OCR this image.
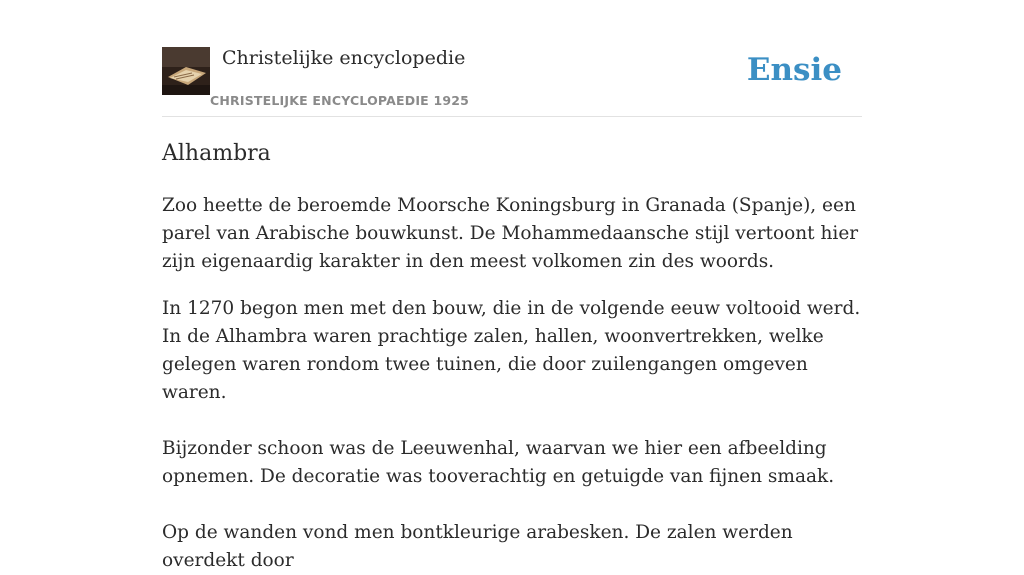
Christelijke encyclopedie
CHRISTELIJKE ENCYCLOPAEDIE 1925
Ensie
Alhambra

Zoo heette de beroemde Moorsche Koningsburg in Granada (Spanje), een parel van Arabische bouwkunst. De Mohammedaansche stijl vertoont hier zijn eigenaardig karakter in den meest volkomen zin des woords.

In 1270 begon men met den bouw, die in de volgende eeuw voltooid werd. In de Alhambra waren prachtige zalen, hallen, woonvertrekken, welke gelegen waren rondom twee tuinen, die door zuilengangen omgeven waren.

Bijzonder schoon was de Leeuwenhal, waarvan we hier een afbeelding opnemen. De decoratie was tooverachtig en getuigde van fijnen smaak.

Op de wanden vond men bontkleurige arabesken. De zalen werden overdekt door
